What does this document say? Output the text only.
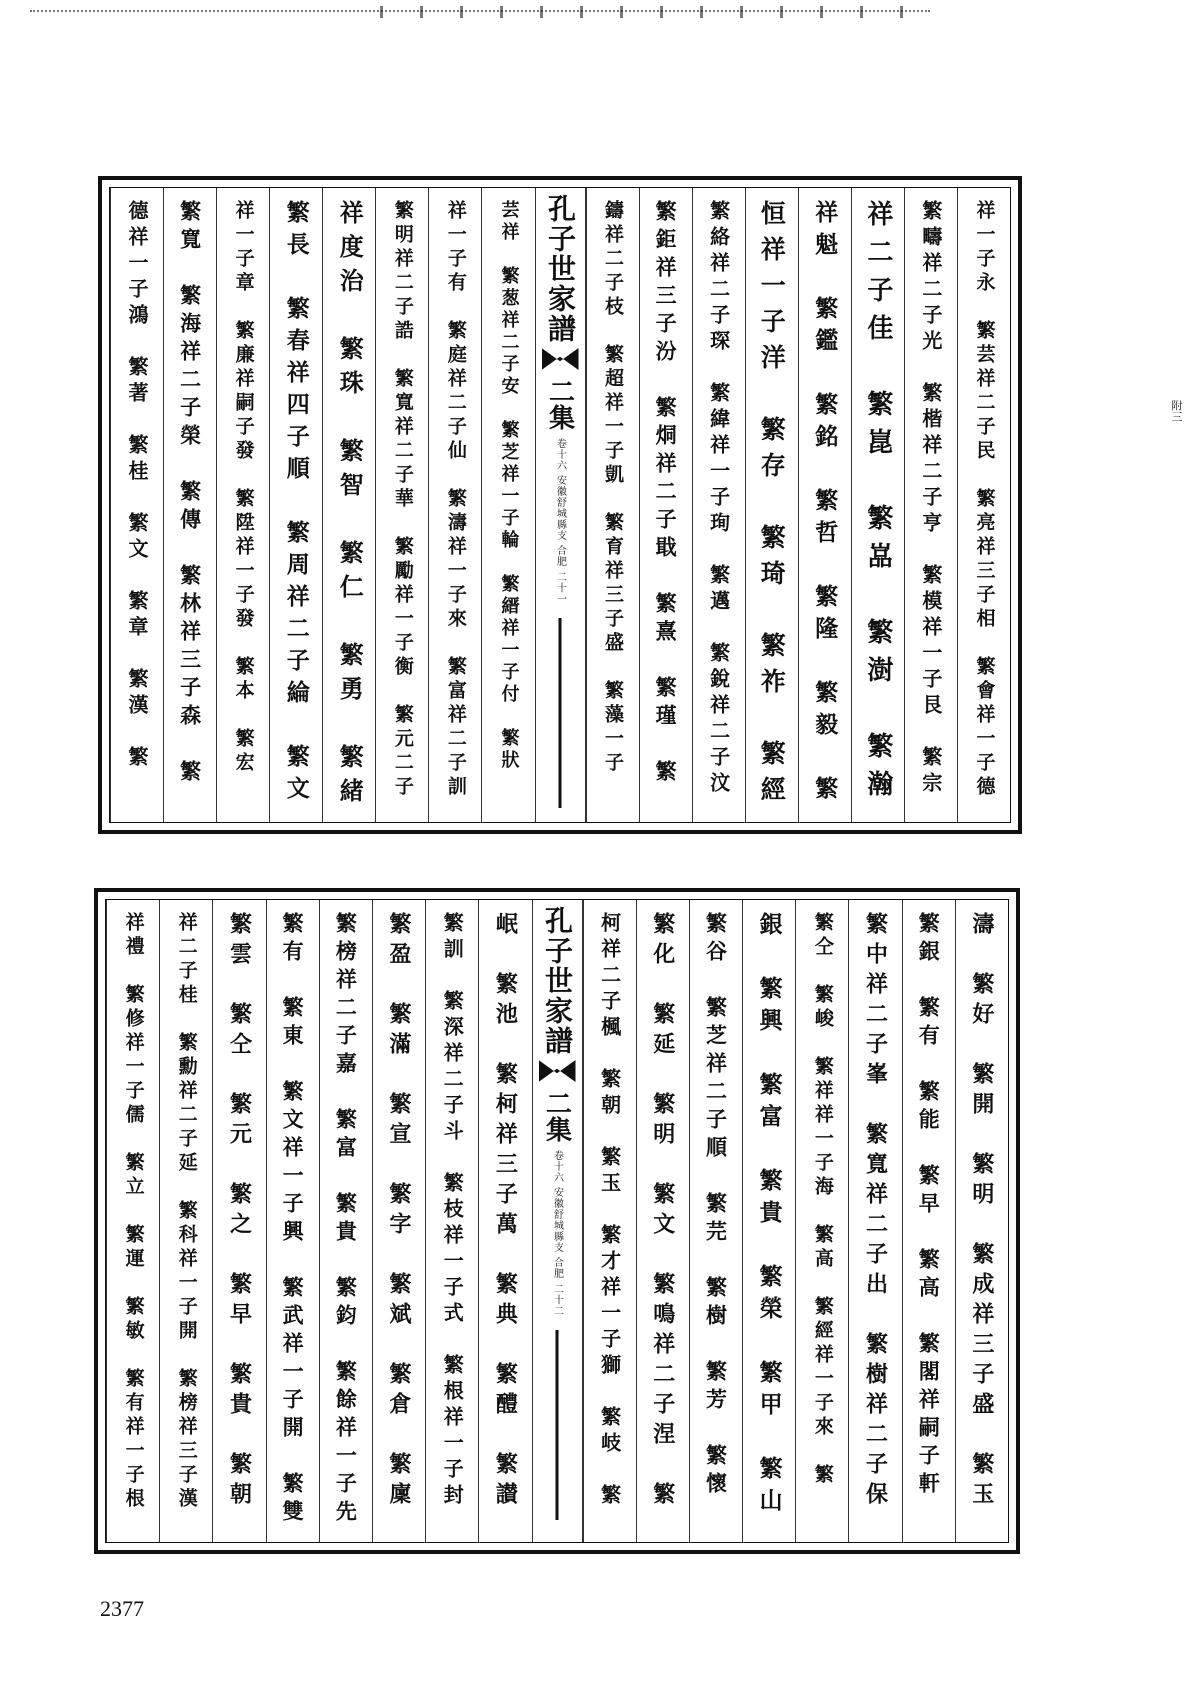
附三
祥一子永　繁芸祥二子民　繁亮祥三子相　繁會祥一子德
繁疇祥二子光　繁楷祥二子亨　繁模祥一子艮　繁宗
祥二子佳　繁崑　繁嵓　繁澍　繁瀚
祥魁　繁鑑　繁銘　繁哲　繁隆　繁毅　繁
恒祥一子洋　繁存　繁琦　繁祚　繁經
繁絡祥二子琛　繁緯祥一子珣　繁邁　繁銳祥二子汶
繁鉅祥三子汾　繁烔祥二子戢　繁熹　繁瑾　繁
鑄祥二子枝　繁超祥一子凱　繁育祥三子盛　繁藻一子
孔子世家譜
二集
卷十六 安徽舒城縣支 合肥 二十一
芸祥　繁葱祥二子安　繁芝祥一子輪　繁縉祥一子付　繁狀
祥一子有　繁庭祥二子仙　繁濤祥一子來　繁富祥二子訓
繁明祥二子誥　繁寬祥二子華　繁勵祥一子衡　繁元二子
祥度治　繁珠　繁智　繁仁　繁勇　繁緒
繁長　繁春祥四子順　繁周祥二子綸　繁文
祥一子章　繁廉祥嗣子發　繁陞祥一子發　繁本　繁宏
繁寬　繁海祥二子榮　繁傳　繁林祥三子森　繁
德祥一子鴻　繁著　繁桂　繁文　繁章　繁漢　繁
濤　繁好　繁開　繁明　繁成祥三子盛　繁玉
繁銀　繁有　繁能　繁早　繁高　繁閣祥嗣子軒
繁中祥二子峯　繁寬祥二子出　繁樹祥二子保
繁仝　繁峻　繁祥祥一子海　繁高　繁經祥一子來　繁
銀　繁興　繁富　繁貴　繁榮　繁甲　繁山
繁谷　繁芝祥二子順　繁芫　繁樹　繁芳　繁懷
繁化　繁延　繁明　繁文　繁鳴祥二子涅　繁
柯祥二子楓　繁朝　繁玉　繁才祥一子獅　繁岐　繁
孔子世家譜
二集
卷十六 安徽舒城縣支 合肥 二十二
岷　繁池　繁柯祥三子萬　繁典　繁醴　繁讃
繁訓　繁深祥二子斗　繁枝祥一子式　繁根祥一子封
繁盈　繁滿　繁宣　繁字　繁斌　繁倉　繁廩
繁榜祥二子嘉　繁富　繁貴　繁鈞　繁餘祥一子先
繁有　繁東　繁文祥一子興　繁武祥一子開　繁雙
繁雲　繁仝　繁元　繁之　繁早　繁貴　繁朝
祥二子桂　繁勳祥二子延　繁科祥一子開　繁榜祥三子漢
祥禮　繁修祥一子儒　繁立　繁運　繁敏　繁有祥一子根
2377
